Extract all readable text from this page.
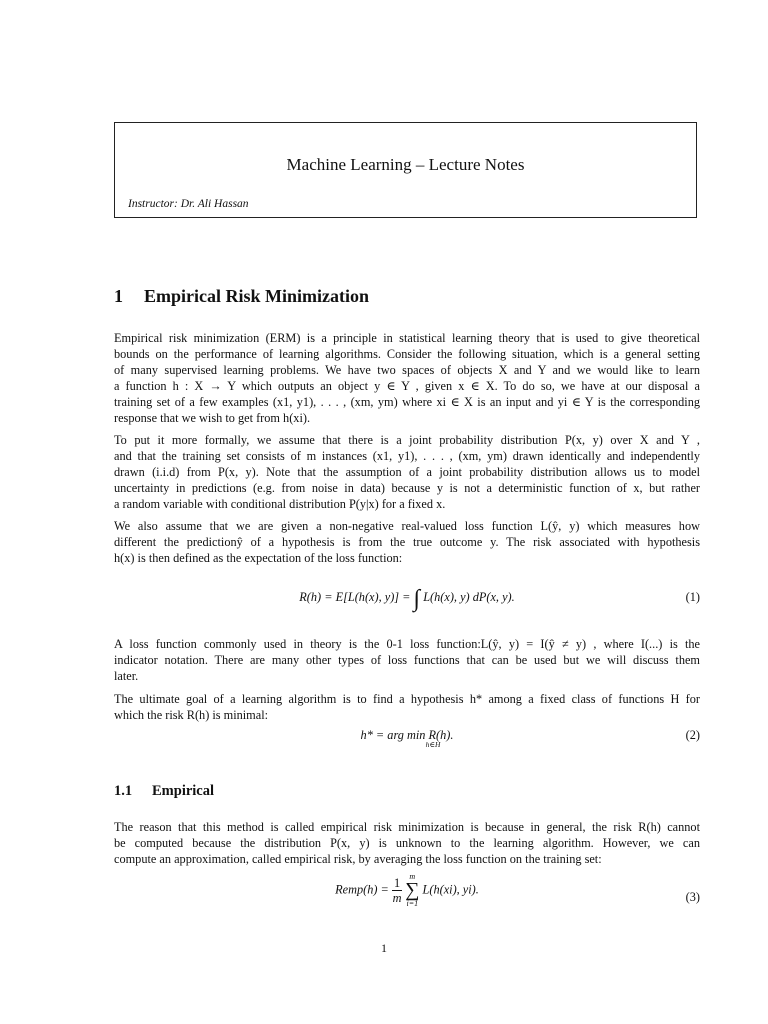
Machine Learning – Lecture Notes
Instructor: Dr. Ali Hassan
1 Empirical Risk Minimization
Empirical risk minimization (ERM) is a principle in statistical learning theory that is used to give theoretical
bounds on the performance of learning algorithms. Consider the following situation, which is a general setting
of many supervised learning problems. We have two spaces of objects X and Y and we would like to learn
a function h : X → Y which outputs an object y ∈ Y , given x ∈ X. To do so, we have at our disposal a
training set of a few examples (x1, y1), . . . , (xm, ym) where xi ∈ X is an input and yi ∈ Y is the corresponding
response that we wish to get from h(xi).
To put it more formally, we assume that there is a joint probability distribution P(x, y) over X and Y ,
and that the training set consists of m instances (x1, y1), . . . , (xm, ym) drawn identically and independently
drawn (i.i.d) from P(x, y). Note that the assumption of a joint probability distribution allows us to model
uncertainty in predictions (e.g. from noise in data) because y is not a deterministic function of x, but rather
a random variable with conditional distribution P(y|x) for a fixed x.
We also assume that we are given a non-negative real-valued loss function L(ŷ, y) which measures how
different the predictionŷ of a hypothesis is from the true outcome y. The risk associated with hypothesis
h(x) is then defined as the expectation of the loss function:
R(h) = E[L(h(x), y)] = ∫ L(h(x), y) dP(x, y).	(1)
A loss function commonly used in theory is the 0-1 loss function:L(ŷ, y) = I(ŷ ≠ y) , where I(...) is the
indicator notation. There are many other types of loss functions that can be used but we will discuss them
later.
The ultimate goal of a learning algorithm is to find a hypothesis h* among a fixed class of functions H for
which the risk R(h) is minimal:
h* = arg min R(h).
h∈H
(2)
1.1 Empirical
The reason that this method is called empirical risk minimization is because in general, the risk R(h) cannot
be computed because the distribution P(x, y) is unknown to the learning algorithm. However, we can
compute an approximation, called empirical risk, by averaging the loss function on the training set:
Remp(h) = $\frac{1}{m}$
m
∑
i=1
L(h(xi), yi).
(3)
1
